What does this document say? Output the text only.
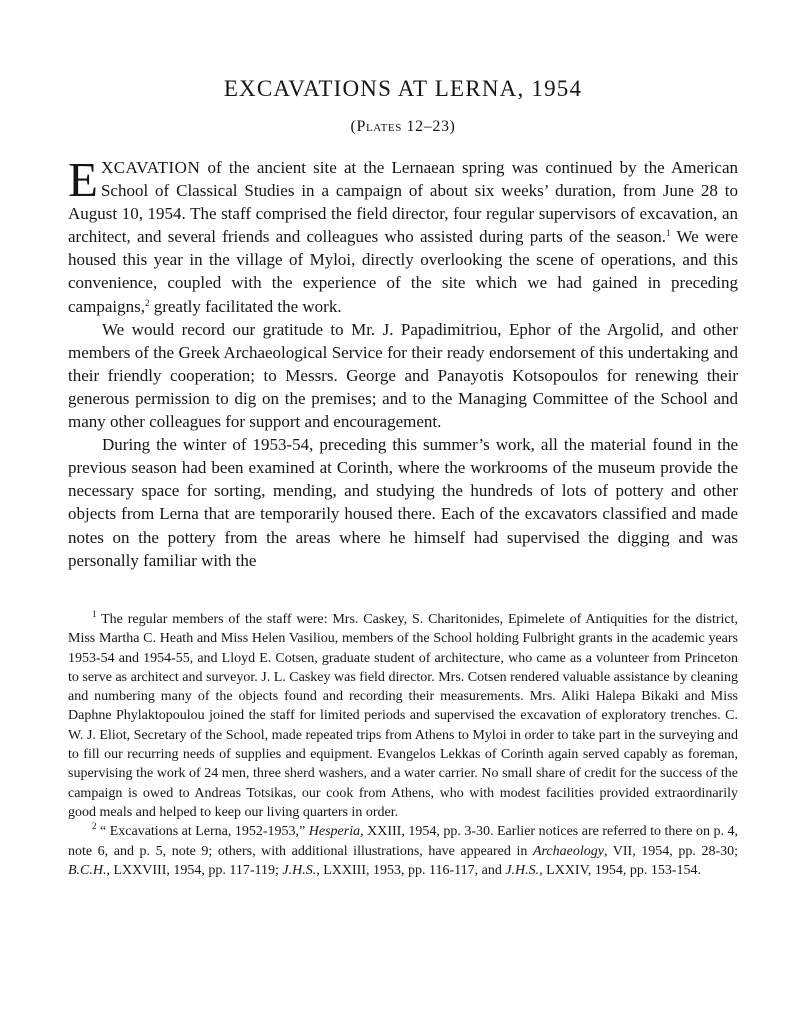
EXCAVATIONS AT LERNA, 1954
(Plates 12–23)

EXCAVATION of the ancient site at the Lernaean spring was continued by the American School of Classical Studies in a campaign of about six weeks’ duration, from June 28 to August 10, 1954. The staff comprised the field director, four regular supervisors of excavation, an architect, and several friends and colleagues who assisted during parts of the season.$^1$ We were housed this year in the village of Myloi, directly overlooking the scene of operations, and this convenience, coupled with the experience of the site which we had gained in preceding campaigns,$^2$ greatly facilitated the work.

We would record our gratitude to Mr. J. Papadimitriou, Ephor of the Argolid, and other members of the Greek Archaeological Service for their ready endorsement of this undertaking and their friendly cooperation; to Messrs. George and Panayotis Kotsopoulos for renewing their generous permission to dig on the premises; and to the Managing Committee of the School and many other colleagues for support and encouragement.

During the winter of 1953-54, preceding this summer’s work, all the material found in the previous season had been examined at Corinth, where the workrooms of the museum provide the necessary space for sorting, mending, and studying the hundreds of lots of pottery and other objects from Lerna that are temporarily housed there. Each of the excavators classified and made notes on the pottery from the areas where he himself had supervised the digging and was personally familiar with the

$^1$ The regular members of the staff were: Mrs. Caskey, S. Charitonides, Epimelete of Antiquities for the district, Miss Martha C. Heath and Miss Helen Vasiliou, members of the School holding Fulbright grants in the academic years 1953-54 and 1954-55, and Lloyd E. Cotsen, graduate student of architecture, who came as a volunteer from Princeton to serve as architect and surveyor. J. L. Caskey was field director. Mrs. Cotsen rendered valuable assistance by cleaning and numbering many of the objects found and recording their measurements. Mrs. Aliki Halepa Bikaki and Miss Daphne Phylaktopoulou joined the staff for limited periods and supervised the excavation of exploratory trenches. C. W. J. Eliot, Secretary of the School, made repeated trips from Athens to Myloi in order to take part in the surveying and to fill our recurring needs of supplies and equipment. Evangelos Lekkas of Corinth again served capably as foreman, supervising the work of 24 men, three sherd washers, and a water carrier. No small share of credit for the success of the campaign is owed to Andreas Totsikas, our cook from Athens, who with modest facilities provided extraordinarily good meals and helped to keep our living quarters in order.

$^2$ “ Excavations at Lerna, 1952-1953,” Hesperia, XXIII, 1954, pp. 3-30. Earlier notices are referred to there on p. 4, note 6, and p. 5, note 9; others, with additional illustrations, have appeared in Archaeology, VII, 1954, pp. 28-30; B.C.H., LXXVIII, 1954, pp. 117-119; J.H.S., LXXIII, 1953, pp. 116-117, and J.H.S., LXXIV, 1954, pp. 153-154.
